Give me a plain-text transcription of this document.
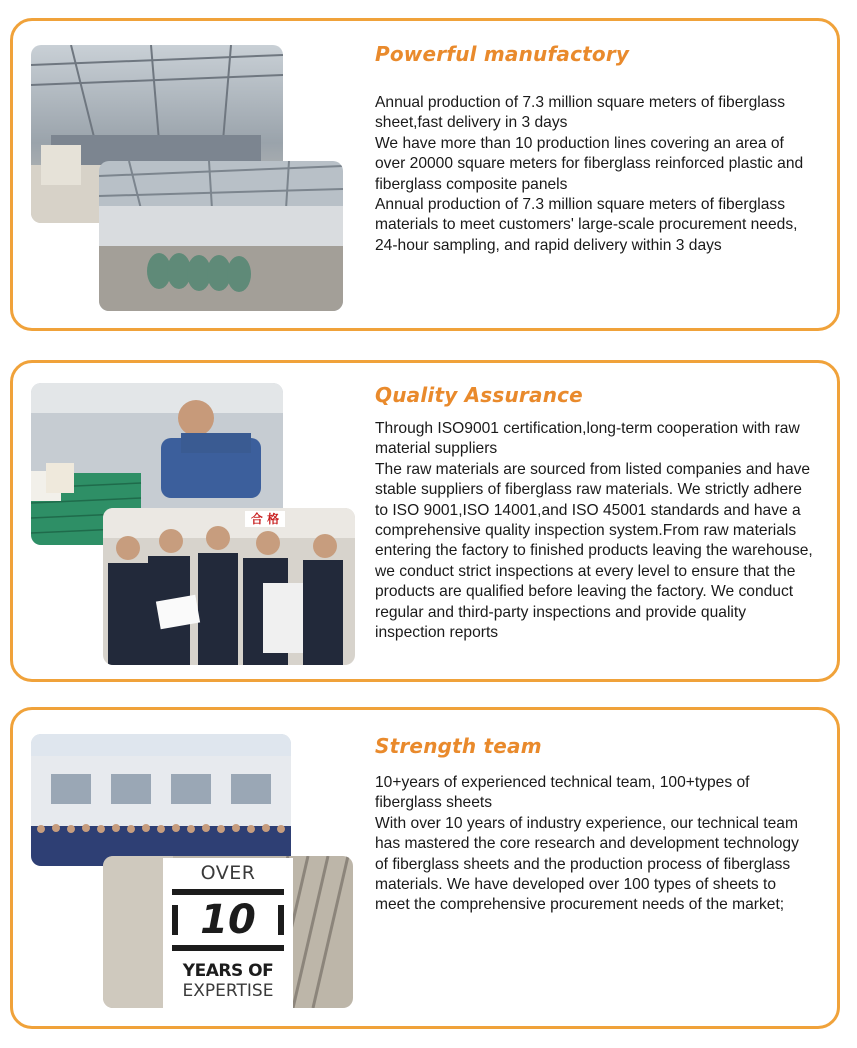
Powerful manufactory

Annual production of 7.3 million square meters of fiberglass sheet,fast delivery in 3 days

We have more than 10 production lines covering an area of over 20000 square meters for fiberglass reinforced plastic and fiberglass composite panels

Annual production of 7.3 million square meters of fiberglass materials to meet customers' large-scale procurement needs, 24-hour sampling, and rapid delivery within 3 days

合 格
Quality Assurance

Through ISO9001 certification,long-term cooperation with raw material suppliers

The raw materials are sourced from listed companies and have stable suppliers of fiberglass raw materials. We strictly adhere to ISO 9001,ISO 14001,and ISO 45001 standards and have a comprehensive quality inspection system.From raw materials entering the factory to finished products leaving the warehouse, we conduct strict inspections at every level to ensure that the products are qualified before leaving the factory. We conduct regular and third-party inspections and provide quality inspection reports

OVER
10
YEARS OF
EXPERTISE
Strength team

10+years of experienced technical team, 100+types of fiberglass sheets

With over 10 years of industry experience, our technical team has mastered the core research and development technology of fiberglass sheets and the production process of fiberglass materials. We have developed over 100 types of sheets to meet the comprehensive procurement needs of the market;
